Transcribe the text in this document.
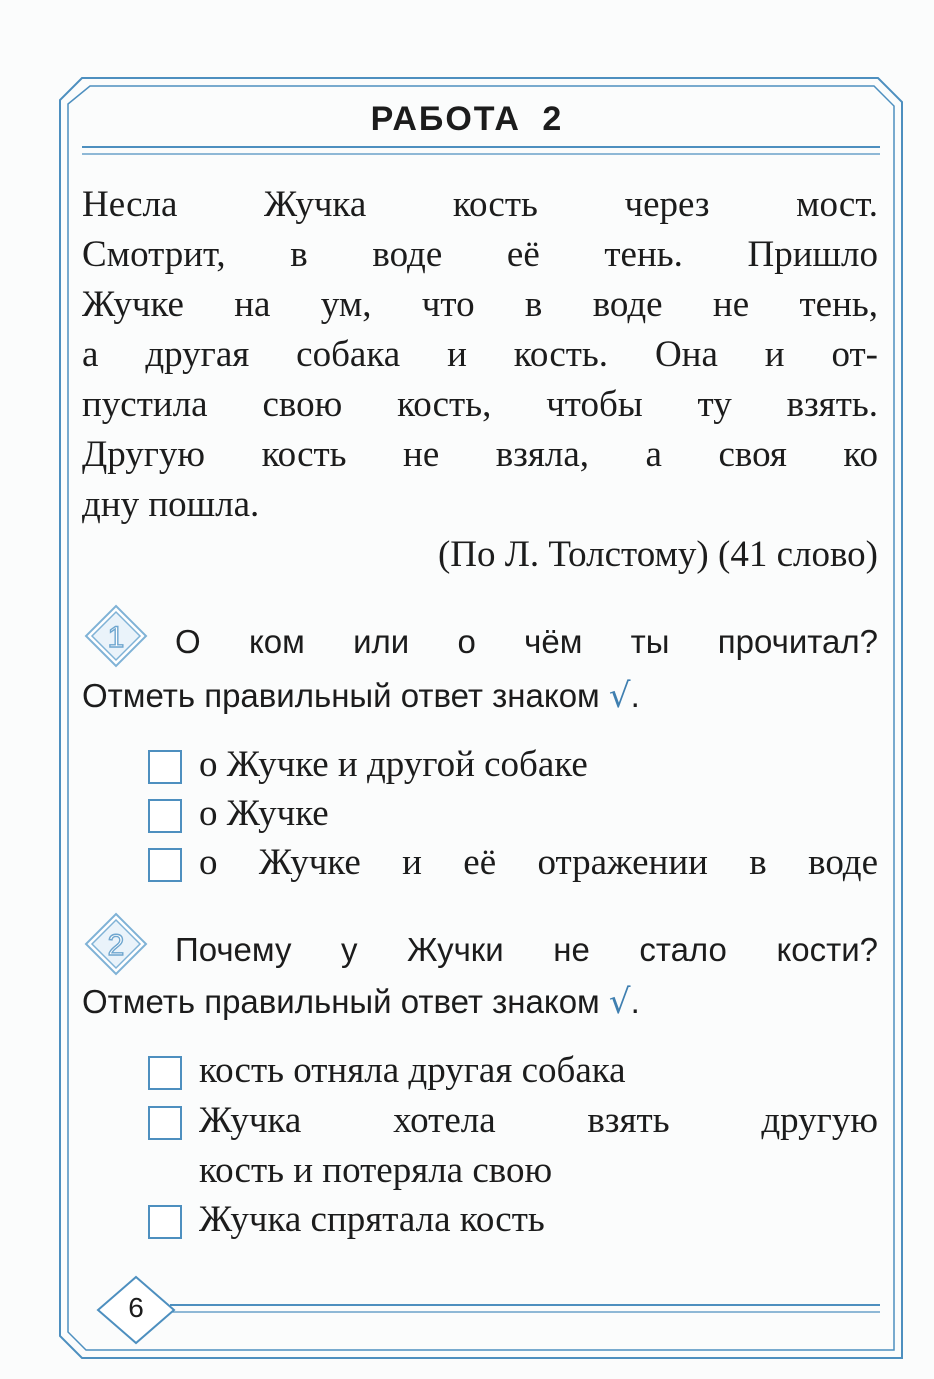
РАБОТА 2
Несла Жучка кость через мост.
Смотрит, в воде её тень. Пришло
Жучке на ум, что в воде не тень,
а другая собака и кость. Она и от-
пустила свою кость, чтобы ту взять.
Другую кость не взяла, а своя ко
дну пошла.
(По Л. Толстому) (41 слово)
1 О ком или о чём ты прочитал?
Отметь правильный ответ знаком √.
о Жучке и другой собаке
о Жучке
о Жучке и её отражении в воде
2 Почему у Жучки не стало кости?
Отметь правильный ответ знаком √.
кость отняла другая собака
Жучка хотела взять другую
кость и потеряла свою
Жучка спрятала кость
6
